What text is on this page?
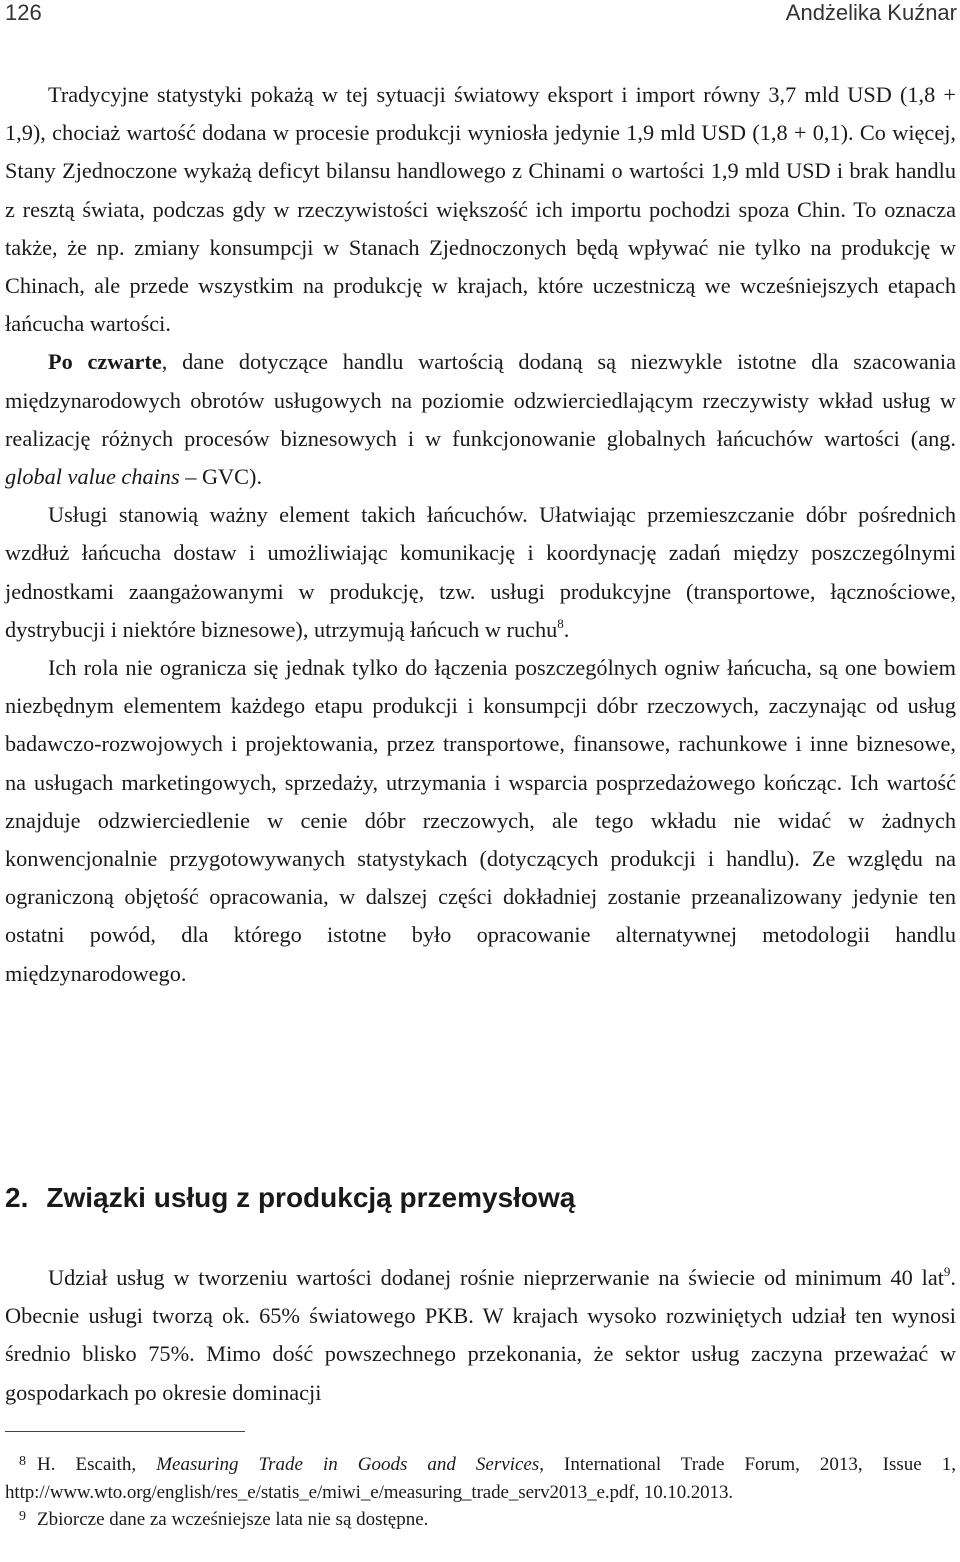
126	Andżelika Kuźnar

Tradycyjne statystyki pokażą w tej sytuacji światowy eksport i import równy 3,7 mld USD (1,8 + 1,9), chociaż wartość dodana w procesie produkcji wyniosła jedynie 1,9 mld USD (1,8 + 0,1). Co więcej, Stany Zjednoczone wykażą deficyt bilansu handlowego z Chinami o wartości 1,9 mld USD i brak handlu z resztą świata, podczas gdy w rzeczywistości większość ich importu pochodzi spoza Chin. To oznacza także, że np. zmiany konsumpcji w Stanach Zjednoczonych będą wpływać nie tylko na produkcję w Chinach, ale przede wszystkim na produkcję w krajach, które uczestniczą we wcześniejszych etapach łańcucha wartości.

Po czwarte, dane dotyczące handlu wartością dodaną są niezwykle istotne dla szacowania międzynarodowych obrotów usługowych na poziomie odzwierciedlającym rzeczywisty wkład usług w realizację różnych procesów biznesowych i w funkcjonowanie globalnych łańcuchów wartości (ang. global value chains – GVC).

Usługi stanowią ważny element takich łańcuchów. Ułatwiając przemieszczanie dóbr pośrednich wzdłuż łańcucha dostaw i umożliwiając komunikację i koordynację zadań między poszczególnymi jednostkami zaangażowanymi w produkcję, tzw. usługi produkcyjne (transportowe, łącznościowe, dystrybucji i niektóre biznesowe), utrzymują łańcuch w ruchu$^8$.

Ich rola nie ogranicza się jednak tylko do łączenia poszczególnych ogniw łańcucha, są one bowiem niezbędnym elementem każdego etapu produkcji i konsumpcji dóbr rzeczowych, zaczynając od usług badawczo-rozwojowych i projektowania, przez transportowe, finansowe, rachunkowe i inne biznesowe, na usługach marketingowych, sprzedaży, utrzymania i wsparcia posprzedażowego kończąc. Ich wartość znajduje odzwierciedlenie w cenie dóbr rzeczowych, ale tego wkładu nie widać w żadnych konwencjonalnie przygotowywanych statystykach (dotyczących produkcji i handlu). Ze względu na ograniczoną objętość opracowania, w dalszej części dokładniej zostanie przeanalizowany jedynie ten ostatni powód, dla którego istotne było opracowanie alternatywnej metodologii handlu międzynarodowego.

2. Związki usług z produkcją przemysłową

Udział usług w tworzeniu wartości dodanej rośnie nieprzerwanie na świecie od minimum 40 lat$^9$. Obecnie usługi tworzą ok. 65% światowego PKB. W krajach wysoko rozwiniętych udział ten wynosi średnio blisko 75%. Mimo dość powszechnego przekonania, że sektor usług zaczyna przeważać w gospodarkach po okresie dominacji

8 H. Escaith, Measuring Trade in Goods and Services, International Trade Forum, 2013, Issue 1, http://www.wto.org/english/res_e/statis_e/miwi_e/measuring_trade_serv2013_e.pdf, 10.10.2013.

9 Zbiorcze dane za wcześniejsze lata nie są dostępne.
